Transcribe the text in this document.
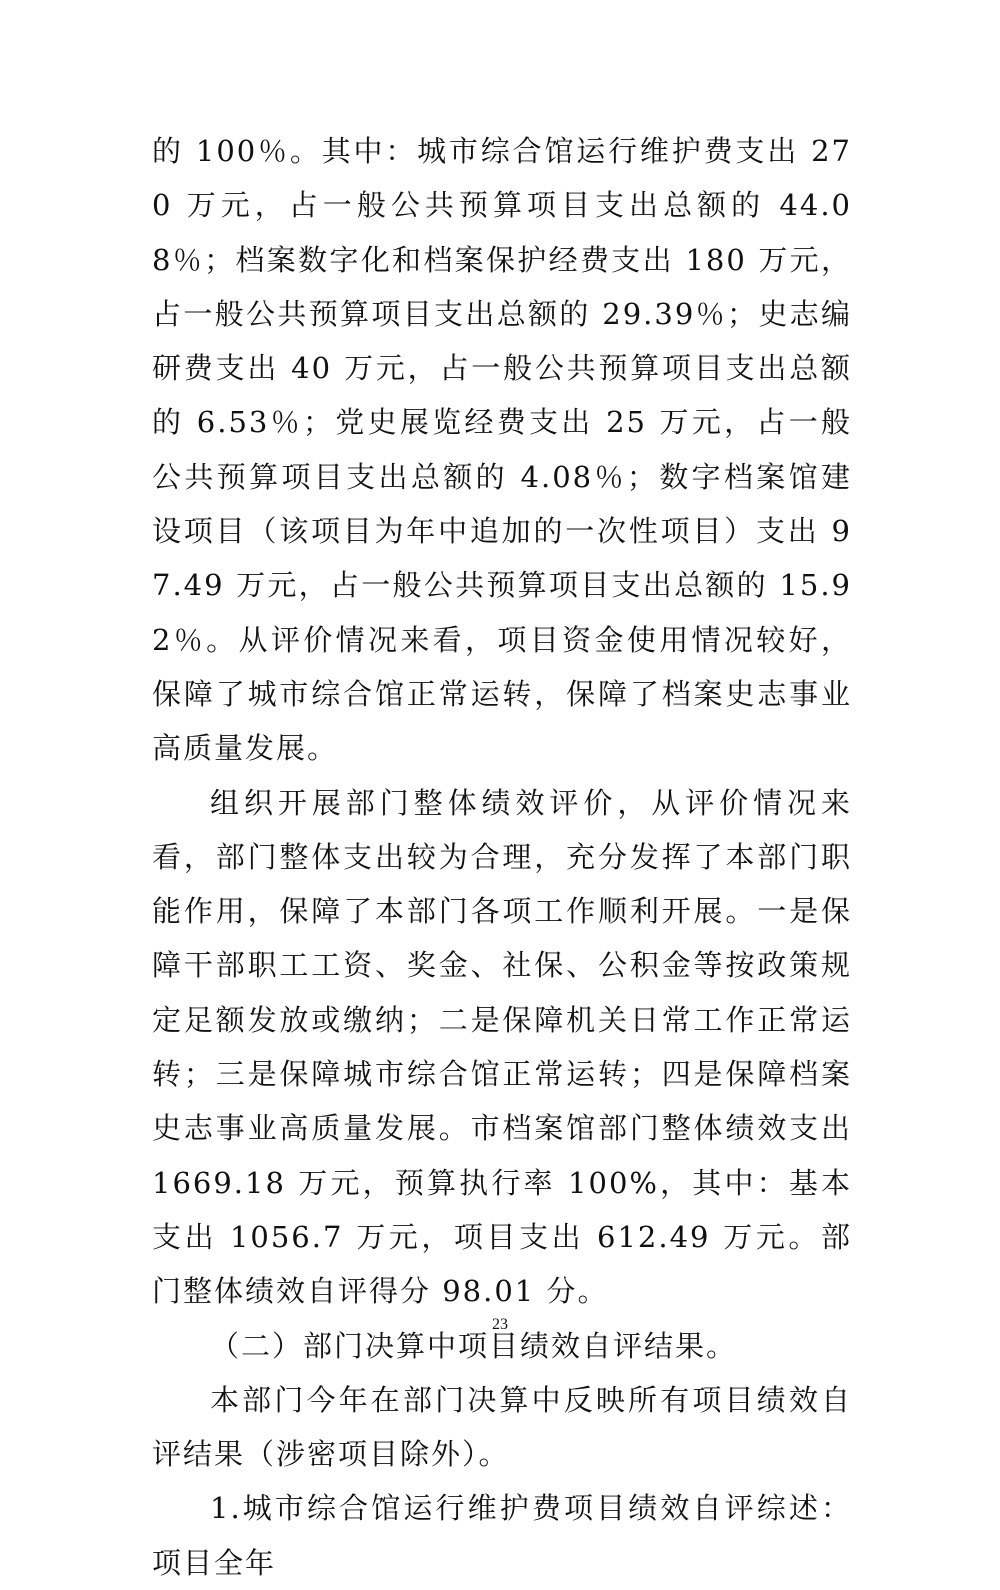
的 100％。其中：城市综合馆运行维护费支出 270 万元，占一般公共预算项目支出总额的 44.08％；档案数字化和档案保护经费支出 180 万元，占一般公共预算项目支出总额的 29.39％；史志编研费支出 40 万元，占一般公共预算项目支出总额的 6.53％；党史展览经费支出 25 万元，占一般公共预算项目支出总额的 4.08％；数字档案馆建设项目（该项目为年中追加的一次性项目）支出 97.49 万元，占一般公共预算项目支出总额的 15.92％。从评价情况来看，项目资金使用情况较好，保障了城市综合馆正常运转，保障了档案史志事业高质量发展。

组织开展部门整体绩效评价，从评价情况来看，部门整体支出较为合理，充分发挥了本部门职能作用，保障了本部门各项工作顺利开展。一是保障干部职工工资、奖金、社保、公积金等按政策规定足额发放或缴纳；二是保障机关日常工作正常运转；三是保障城市综合馆正常运转；四是保障档案史志事业高质量发展。市档案馆部门整体绩效支出 1669.18 万元，预算执行率 100%，其中：基本支出 1056.7 万元，项目支出 612.49 万元。部门整体绩效自评得分 98.01 分。

（二）部门决算中项目绩效自评结果。

本部门今年在部门决算中反映所有项目绩效自评结果（涉密项目除外）。

1.城市综合馆运行维护费项目绩效自评综述：项目全年

23
